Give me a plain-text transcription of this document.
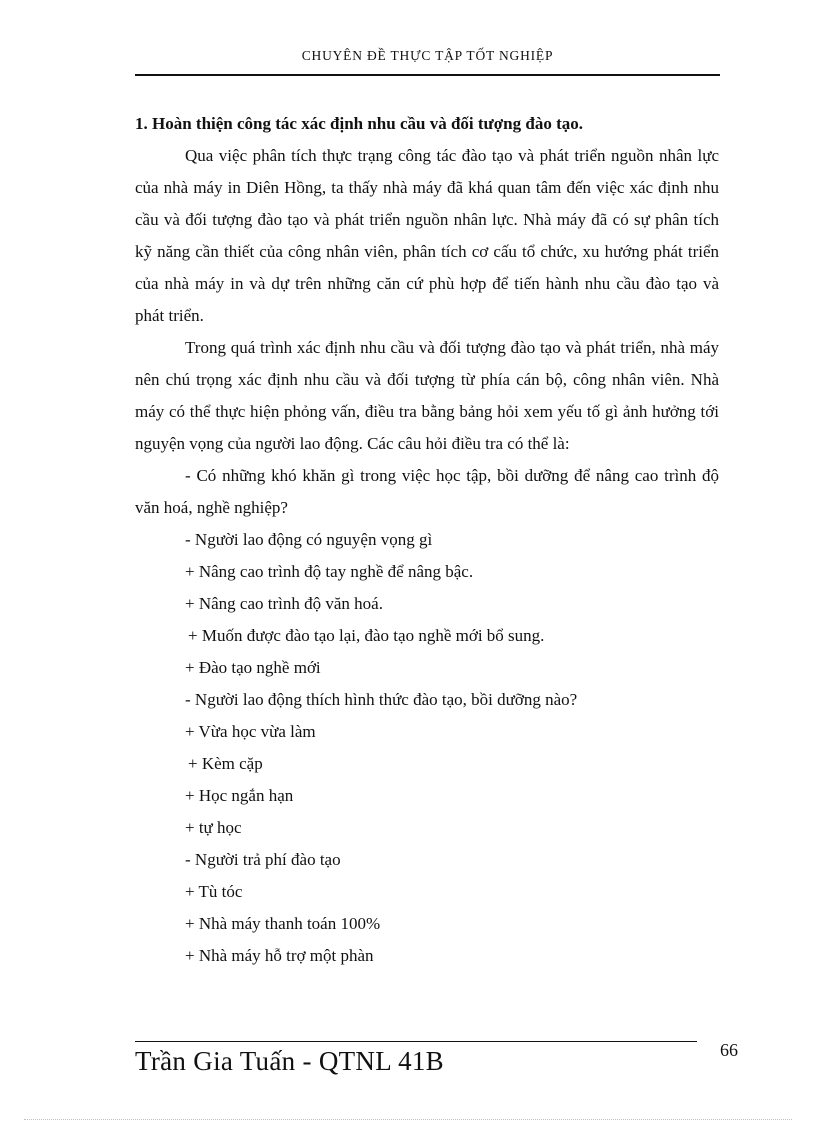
CHUYÊN ĐỀ THỰC TẬP TỐT NGHIỆP

1. Hoàn thiện công tác xác định nhu cầu và đối tượng đào tạo.

Qua việc phân tích thực trạng công tác đào tạo và phát triển nguồn nhân lực của nhà máy in Diên Hồng, ta thấy nhà máy đã khá quan tâm đến việc xác định nhu cầu và đối tượng đào tạo và phát triển nguồn nhân lực. Nhà máy đã có sự phân tích kỹ năng cần thiết của công nhân viên, phân tích cơ cấu tổ chức, xu hướng phát triển của nhà máy in và dự trên những căn cứ phù hợp để tiến hành nhu cầu đào tạo và phát triển.

Trong quá trình xác định nhu cầu và đối tượng đào tạo và phát triển, nhà máy nên chú trọng xác định nhu cầu và đối tượng từ phía cán bộ, công nhân viên. Nhà máy có thể thực hiện phỏng vấn, điều tra bằng bảng hỏi xem yếu tố gì ảnh hưởng tới nguyện vọng của người lao động. Các câu hỏi điều tra có thể là:

- Có những khó khăn gì trong việc học tập, bồi dưỡng để nâng cao trình độ văn hoá, nghề nghiệp?

- Người lao động có nguyện vọng gì

+ Nâng cao trình độ tay nghề để nâng bậc.

+ Nâng cao trình độ văn hoá.

+ Muốn được đào tạo lại, đào tạo nghề mới bổ sung.

+ Đào tạo nghề mới

- Người lao động thích hình thức đào tạo, bồi dưỡng nào?

+ Vừa học vừa làm

+ Kèm cặp

+ Học ngắn hạn

+ tự học

- Người trả phí đào tạo

+ Tù tóc

+ Nhà máy thanh toán 100%

+ Nhà máy hỗ trợ một phàn

Trần Gia Tuấn - QTNL 41B	66
